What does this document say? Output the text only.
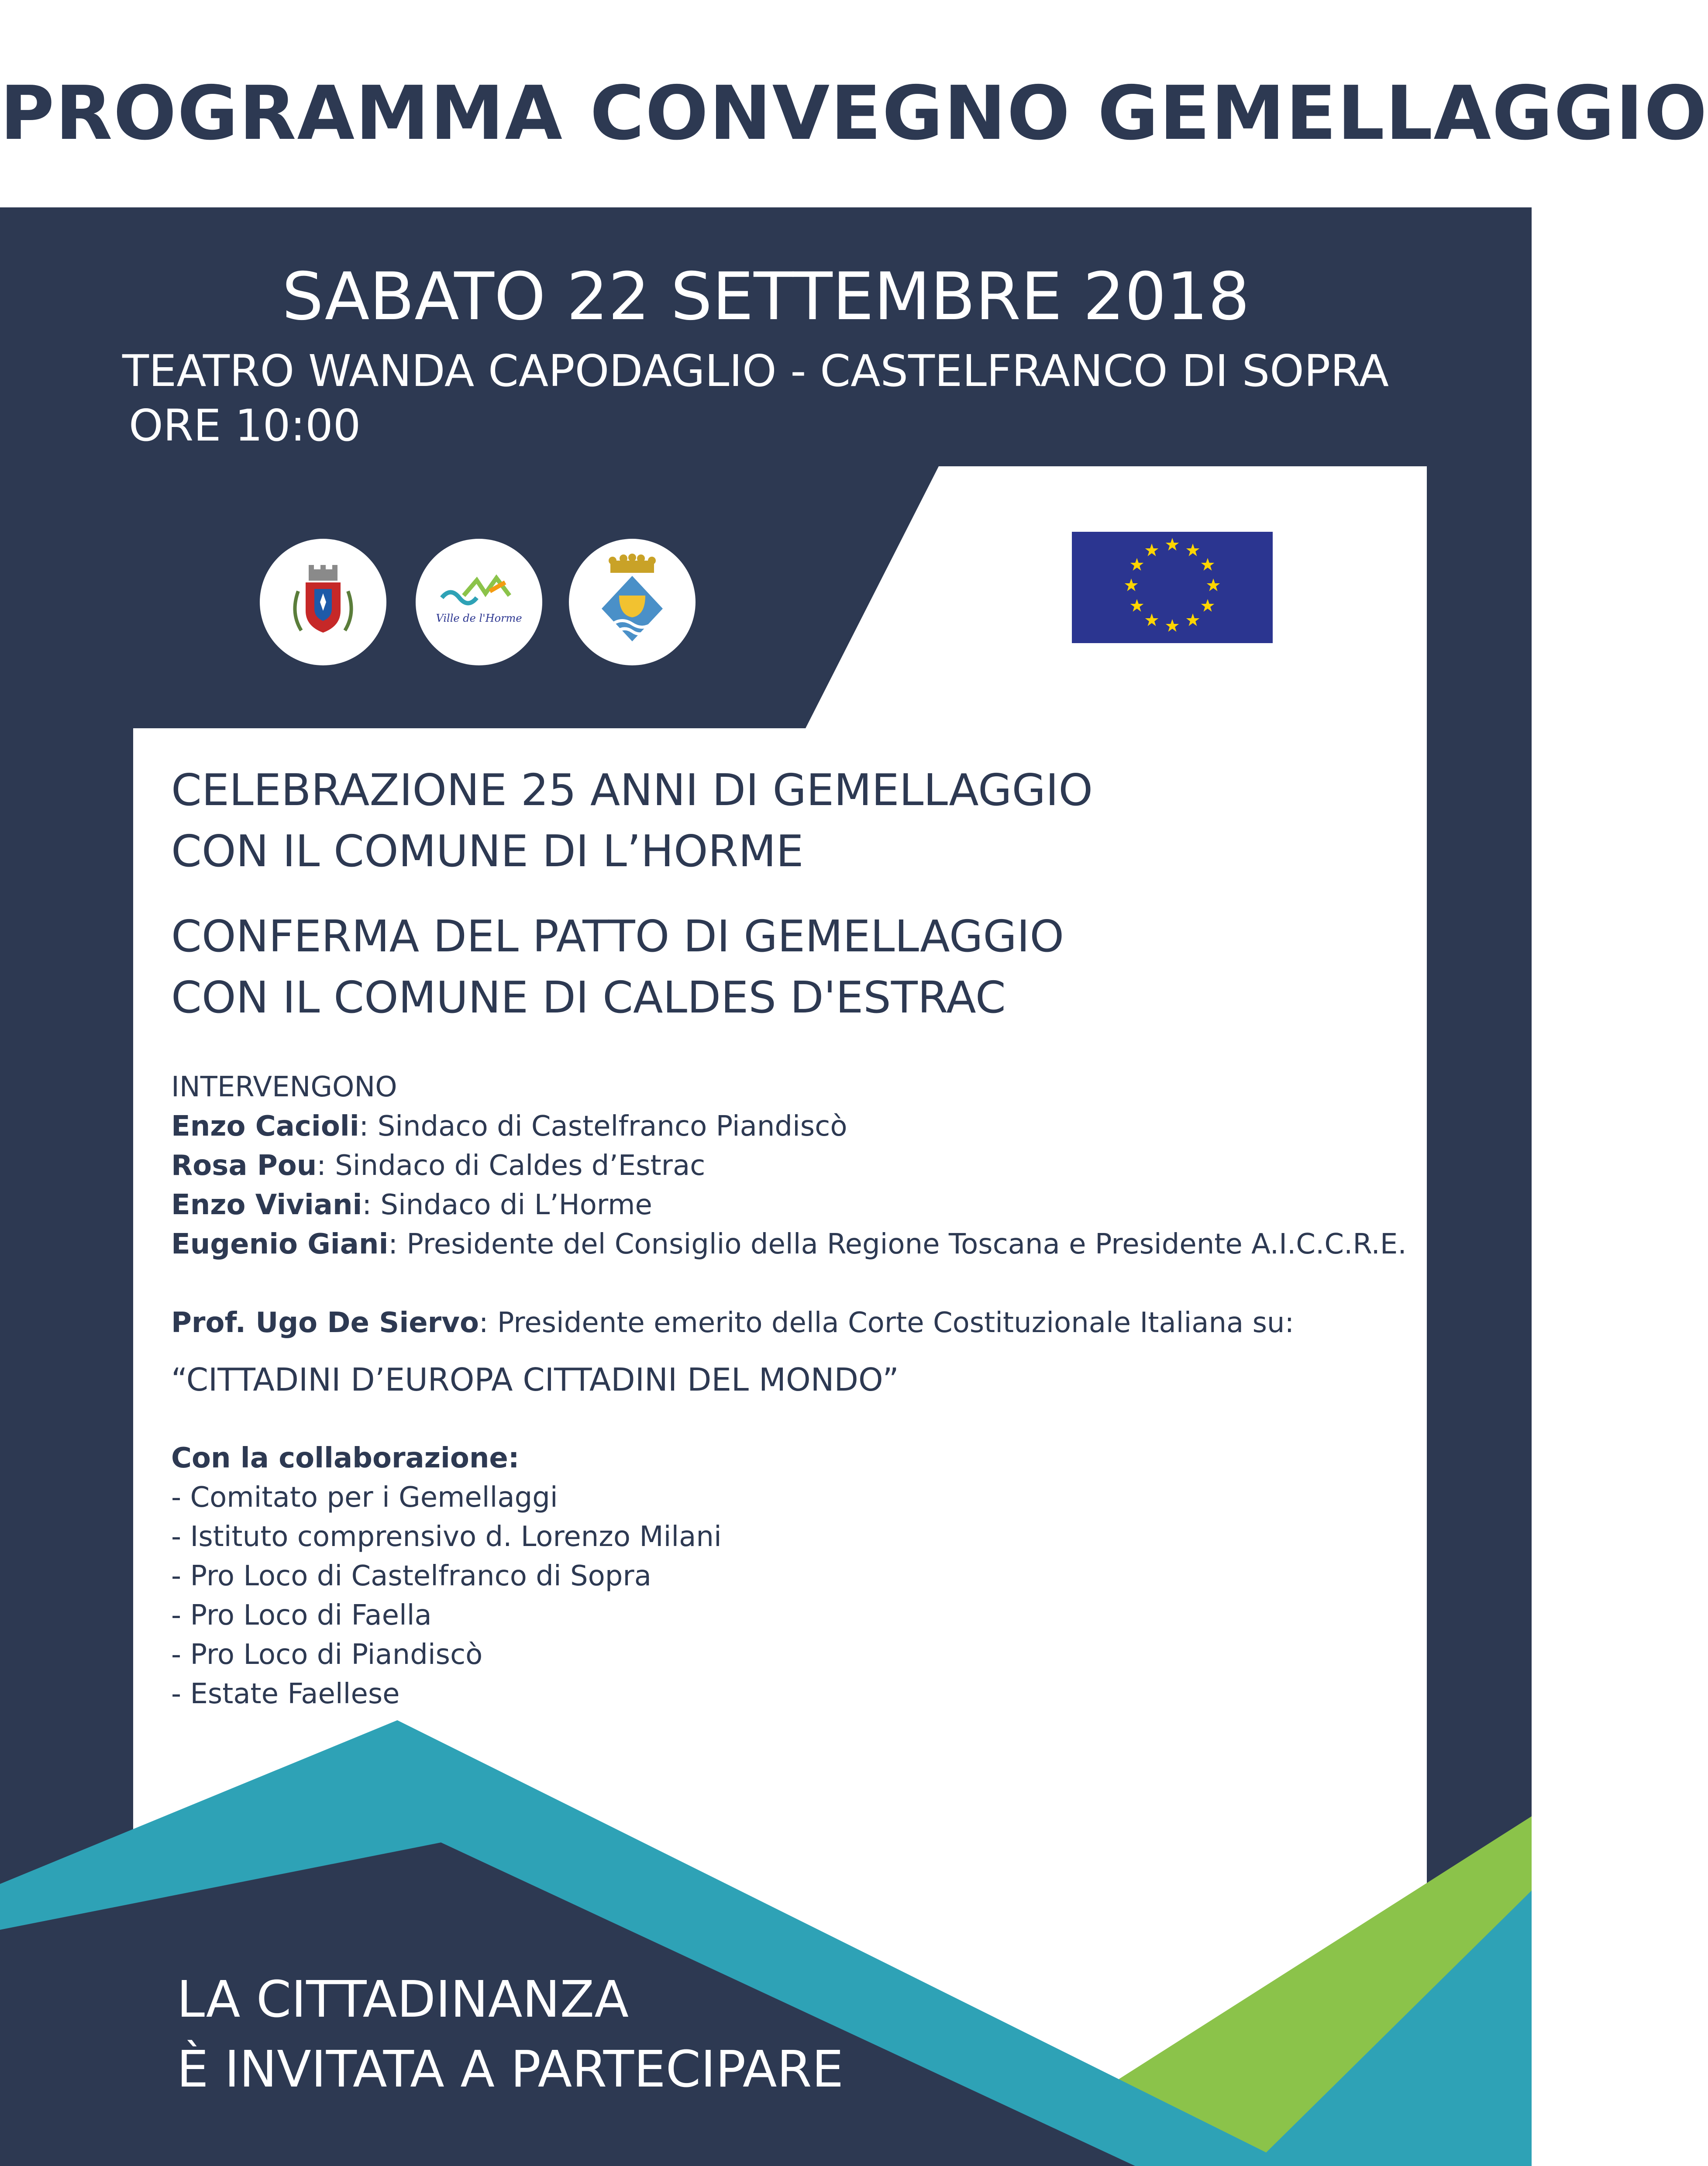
PROGRAMMA CONVEGNO GEMELLAGGIO
SABATO 22 SETTEMBRE 2018
TEATRO WANDA CAPODAGLIO - CASTELFRANCO DI SOPRA
ORE 10:00
Ville de l'Horme
CELEBRAZIONE 25 ANNI DI GEMELLAGGIO
CON IL COMUNE DI L’HORME
CONFERMA DEL PATTO DI GEMELLAGGIO
CON IL COMUNE DI CALDES D'ESTRAC
INTERVENGONO
Enzo Cacioli: Sindaco di Castelfranco Piandiscò
Rosa Pou: Sindaco di Caldes d’Estrac
Enzo Viviani: Sindaco di L’Horme
Eugenio Giani: Presidente del Consiglio della Regione Toscana e Presidente A.I.C.C.R.E.
Prof. Ugo De Siervo: Presidente emerito della Corte Costituzionale Italiana su:
“CITTADINI D’EUROPA CITTADINI DEL MONDO”
Con la collaborazione:
- Comitato per i Gemellaggi
- Istituto comprensivo d. Lorenzo Milani
- Pro Loco di Castelfranco di Sopra
- Pro Loco di Faella
- Pro Loco di Piandiscò
- Estate Faellese
LA CITTADINANZA
È INVITATA A PARTECIPARE
